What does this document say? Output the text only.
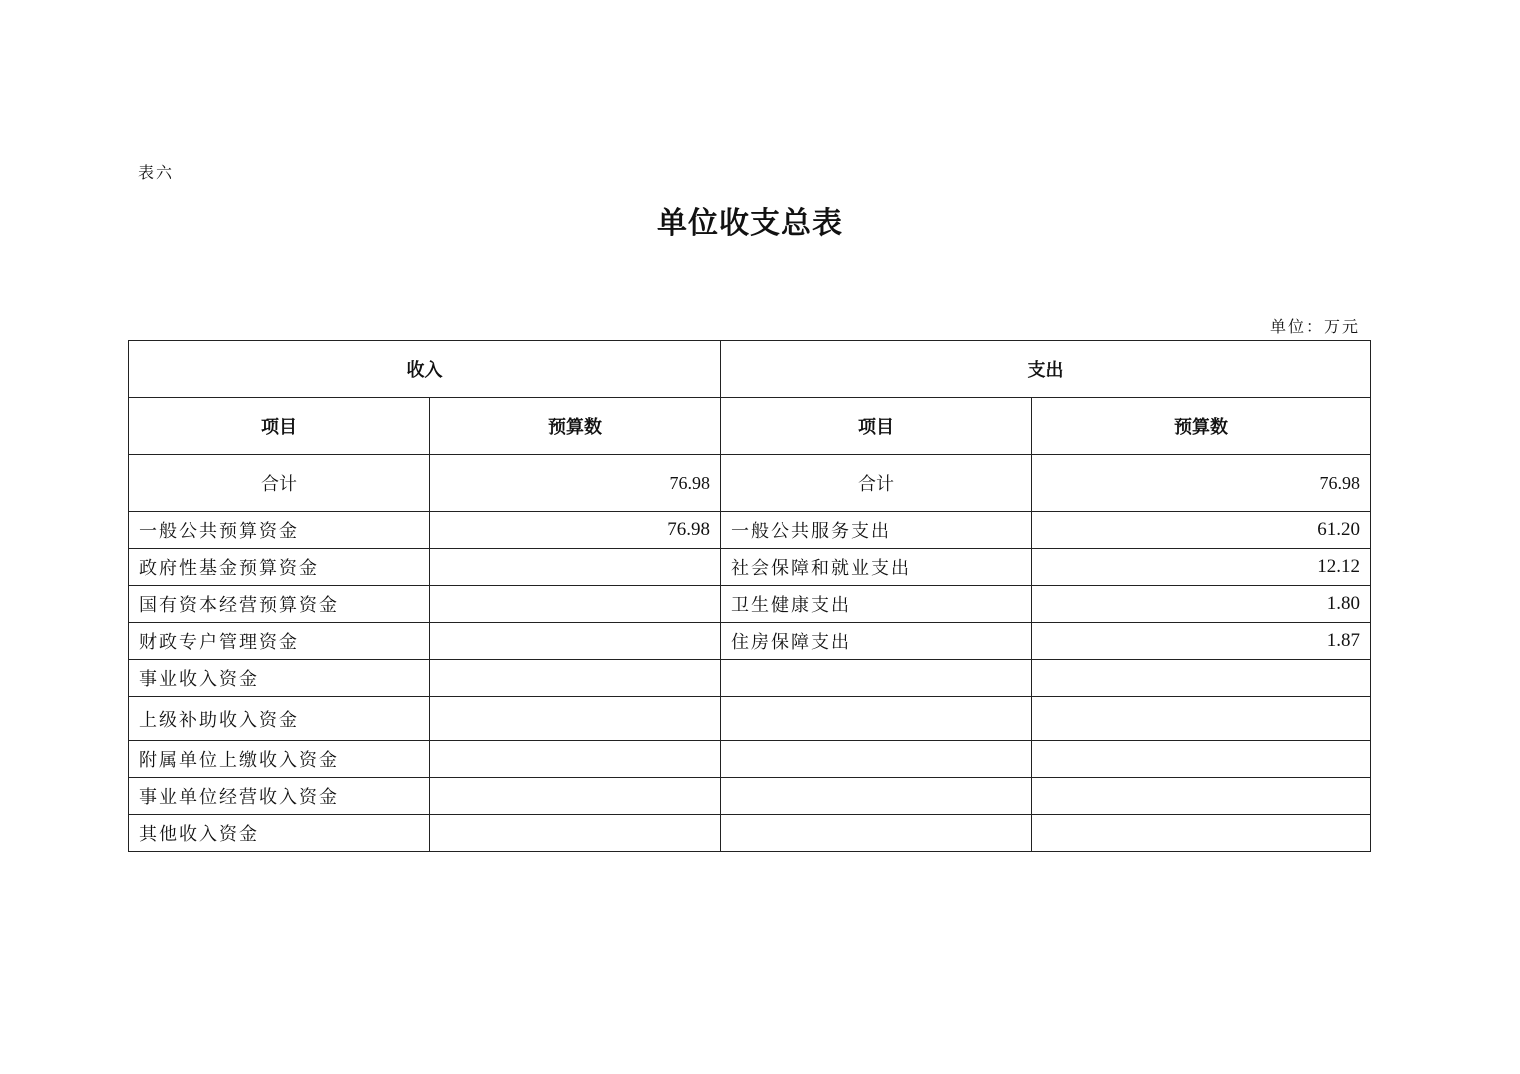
表六
单位收支总表
单位：万元
收入		支出	
项目	预算数	项目	预算数
合计	76.98	合计	76.98
一般公共预算资金	76.98	一般公共服务支出	61.20
政府性基金预算资金		社会保障和就业支出	12.12
国有资本经营预算资金		卫生健康支出	1.80
财政专户管理资金		住房保障支出	1.87
事业收入资金			
上级补助收入资金			
附属单位上缴收入资金			
事业单位经营收入资金			
其他收入资金			
